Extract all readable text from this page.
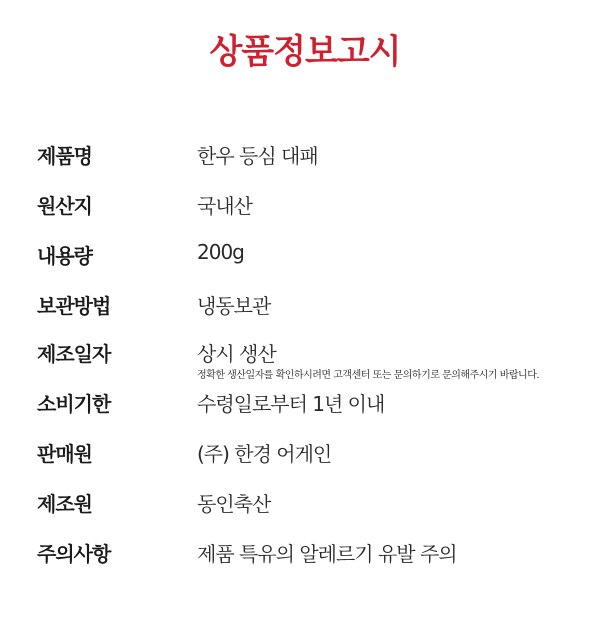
상품정보고시
제품명	한우 등심 대패
원산지	국내산
내용량	200g
보관방법	냉동보관
제조일자	상시 생산
정확한 생산일자를 확인하시려면 고객센터 또는 문의하기로 문의해주시기 바랍니다.
소비기한	수령일로부터 1년 이내
판매원	(주) 한경 어게인
제조원	동인축산
주의사항	제품 특유의 알레르기 유발 주의
